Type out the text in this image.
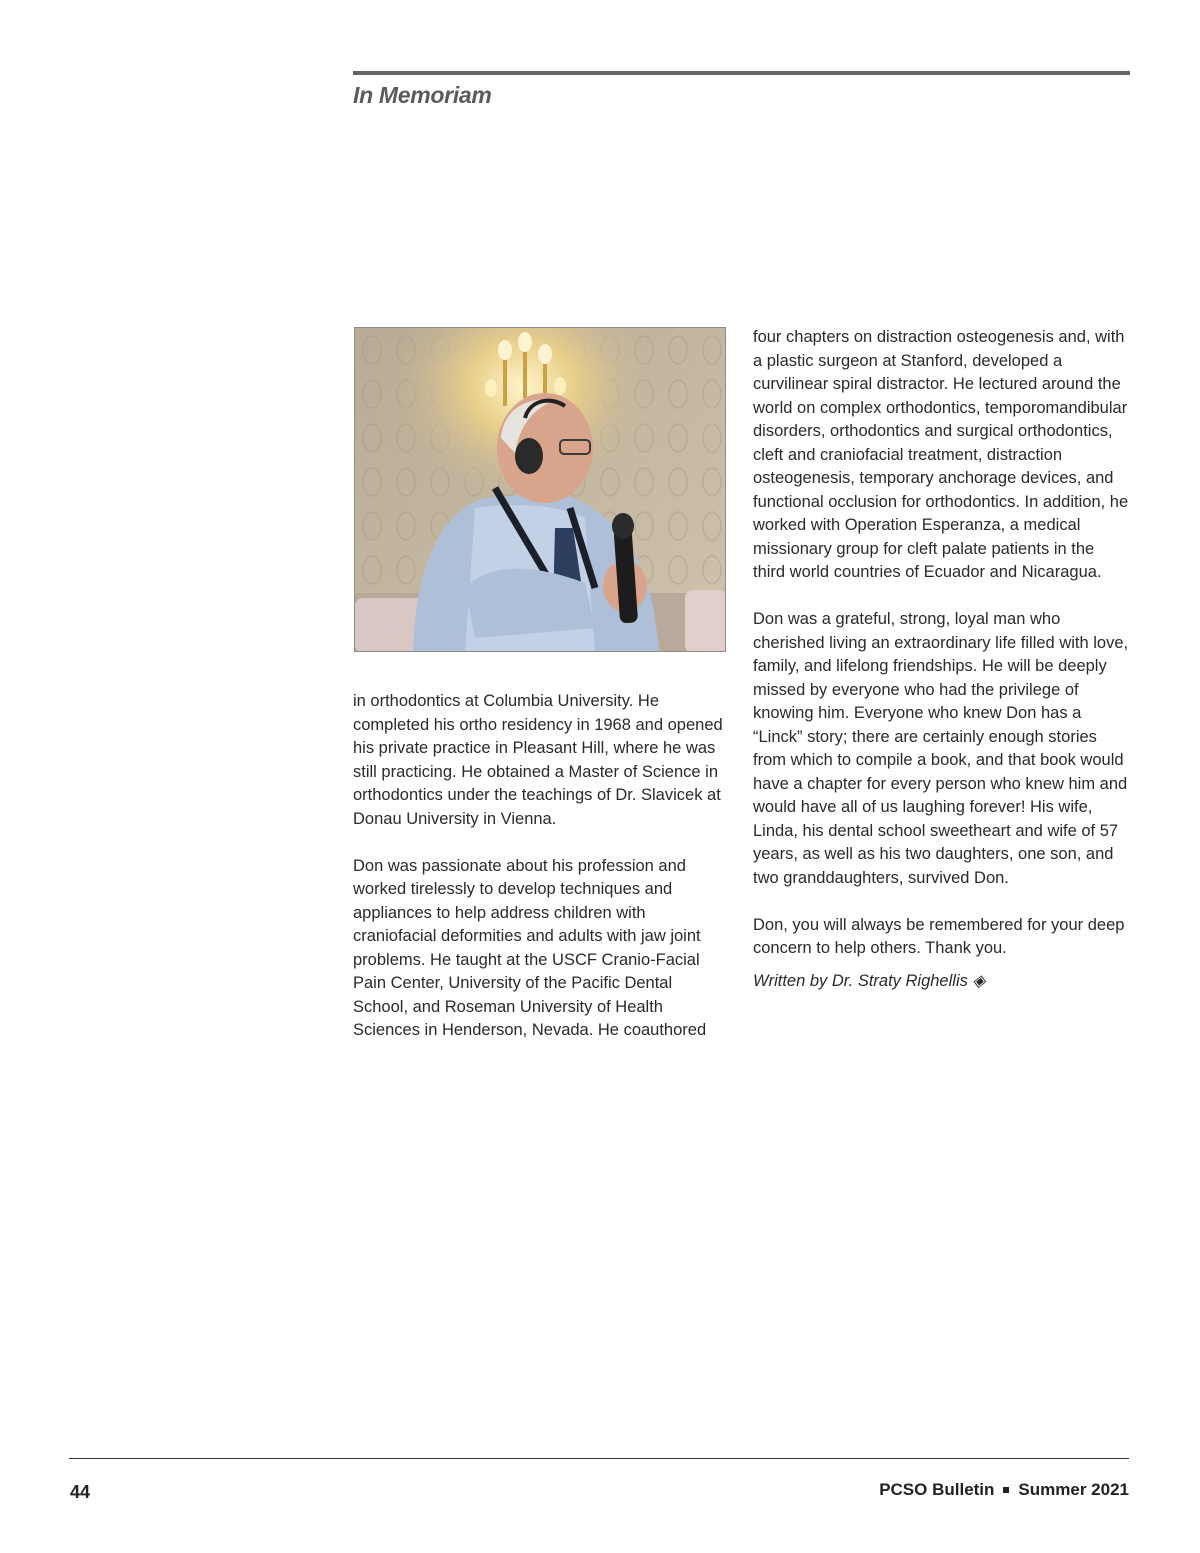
In Memoriam

in orthodontics at Columbia University. He completed his ortho residency in 1968 and opened his private practice in Pleasant Hill, where he was still practicing. He obtained a Master of Science in orthodontics under the teachings of Dr. Slavicek at Donau University in Vienna.

Don was passionate about his profession and worked tirelessly to develop techniques and appliances to help address children with craniofacial deformities and adults with jaw joint problems. He taught at the USCF Cranio-Facial Pain Center, University of the Pacific Dental School, and Roseman University of Health Sciences in Henderson, Nevada. He coauthored

four chapters on distraction osteogenesis and, with a plastic surgeon at Stanford, developed a curvilinear spiral distractor. He lectured around the world on complex orthodontics, temporomandibular disorders, orthodontics and surgical orthodontics, cleft and craniofacial treatment, distraction osteogenesis, temporary anchorage devices, and functional occlusion for orthodontics. In addition, he worked with Operation Esperanza, a medical missionary group for cleft palate patients in the third world countries of Ecuador and Nicaragua.

Don was a grateful, strong, loyal man who cherished living an extraordinary life filled with love, family, and lifelong friendships. He will be deeply missed by everyone who had the privilege of knowing him. Everyone who knew Don has a “Linck” story; there are certainly enough stories from which to compile a book, and that book would have a chapter for every person who knew him and would have all of us laughing forever! His wife, Linda, his dental school sweetheart and wife of 57 years, as well as his two daughters, one son, and two granddaughters, survived Don.

Don, you will always be remembered for your deep concern to help others. Thank you.

Written by Dr. Straty Righellis ◈

44	PCSO Bulletin Summer 2021
